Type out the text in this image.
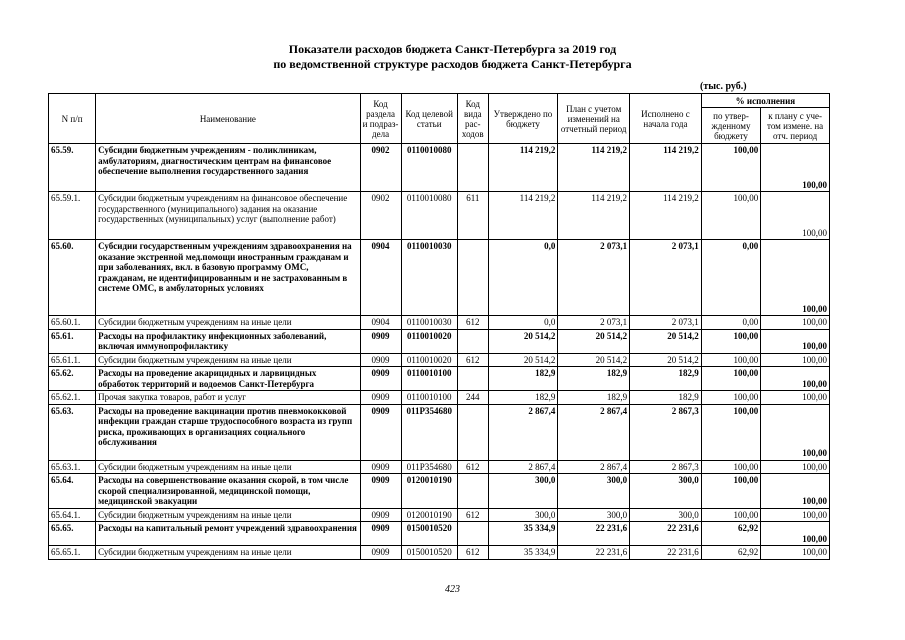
Показатели расходов бюджета Санкт-Петербурга за 2019 год
по ведомственной структуре расходов бюджета Санкт-Петербурга
(тыс. руб.)
N п/п	Наименование	Код раздела и подраз-дела	Код целевой статьи	Код вида рас-ходов	Утверждено по бюджету	План с учетом изменений на отчетный период	Исполнено с начала года	% исполнения	
								по утвер-жденному бюджету	к плану с уче-том измене. на отч. период
65.59.	Субсидии бюджетным учреждениям - поликлиникам, амбулаториям, диагностическим центрам на финансовое обеспечение выполнения государственного задания	0902	0110010080		114 219,2	114 219,2	114 219,2	100,00	100,00
65.59.1.	Субсидии бюджетным учреждениям на финансовое обеспечение государственного (муниципального) задания на оказание государственных (муниципальных) услуг (выполнение работ)	0902	0110010080	611	114 219,2	114 219,2	114 219,2	100,00	100,00
65.60.	Субсидии государственным учреждениям здравоохранения на оказание экстренной мед.помощи иностранным гражданам и при заболеваниях, вкл. в базовую программу ОМС, гражданам, не идентифицированным и не застрахованным в системе ОМС, в амбулаторных условиях	0904	0110010030		0,0	2 073,1	2 073,1	0,00	100,00
65.60.1.	Субсидии бюджетным учреждениям на иные цели	0904	0110010030	612	0,0	2 073,1	2 073,1	0,00	100,00
65.61.	Расходы на профилактику инфекционных заболеваний, включая иммунопрофилактику	0909	0110010020		20 514,2	20 514,2	20 514,2	100,00	100,00
65.61.1.	Субсидии бюджетным учреждениям на иные цели	0909	0110010020	612	20 514,2	20 514,2	20 514,2	100,00	100,00
65.62.	Расходы на проведение акарицидных и ларвицидных обработок территорий и водоемов Санкт-Петербурга	0909	0110010100		182,9	182,9	182,9	100,00	100,00
65.62.1.	Прочая закупка товаров, работ и услуг	0909	0110010100	244	182,9	182,9	182,9	100,00	100,00
65.63.	Расходы на проведение вакцинации против пневмококковой инфекции граждан старше трудоспособного возраста из групп риска, проживающих в организациях социального обслуживания	0909	011P354680		2 867,4	2 867,4	2 867,3	100,00	100,00
65.63.1.	Субсидии бюджетным учреждениям на иные цели	0909	011P354680	612	2 867,4	2 867,4	2 867,3	100,00	100,00
65.64.	Расходы на совершенствование оказания скорой, в том числе скорой специализированной, медицинской помощи, медицинской эвакуации	0909	0120010190		300,0	300,0	300,0	100,00	100,00
65.64.1.	Субсидии бюджетным учреждениям на иные цели	0909	0120010190	612	300,0	300,0	300,0	100,00	100,00
65.65.	Расходы на капитальный ремонт учреждений здравоохранения	0909	0150010520		35 334,9	22 231,6	22 231,6	62,92	100,00
65.65.1.	Субсидии бюджетным учреждениям на иные цели	0909	0150010520	612	35 334,9	22 231,6	22 231,6	62,92	100,00
423
